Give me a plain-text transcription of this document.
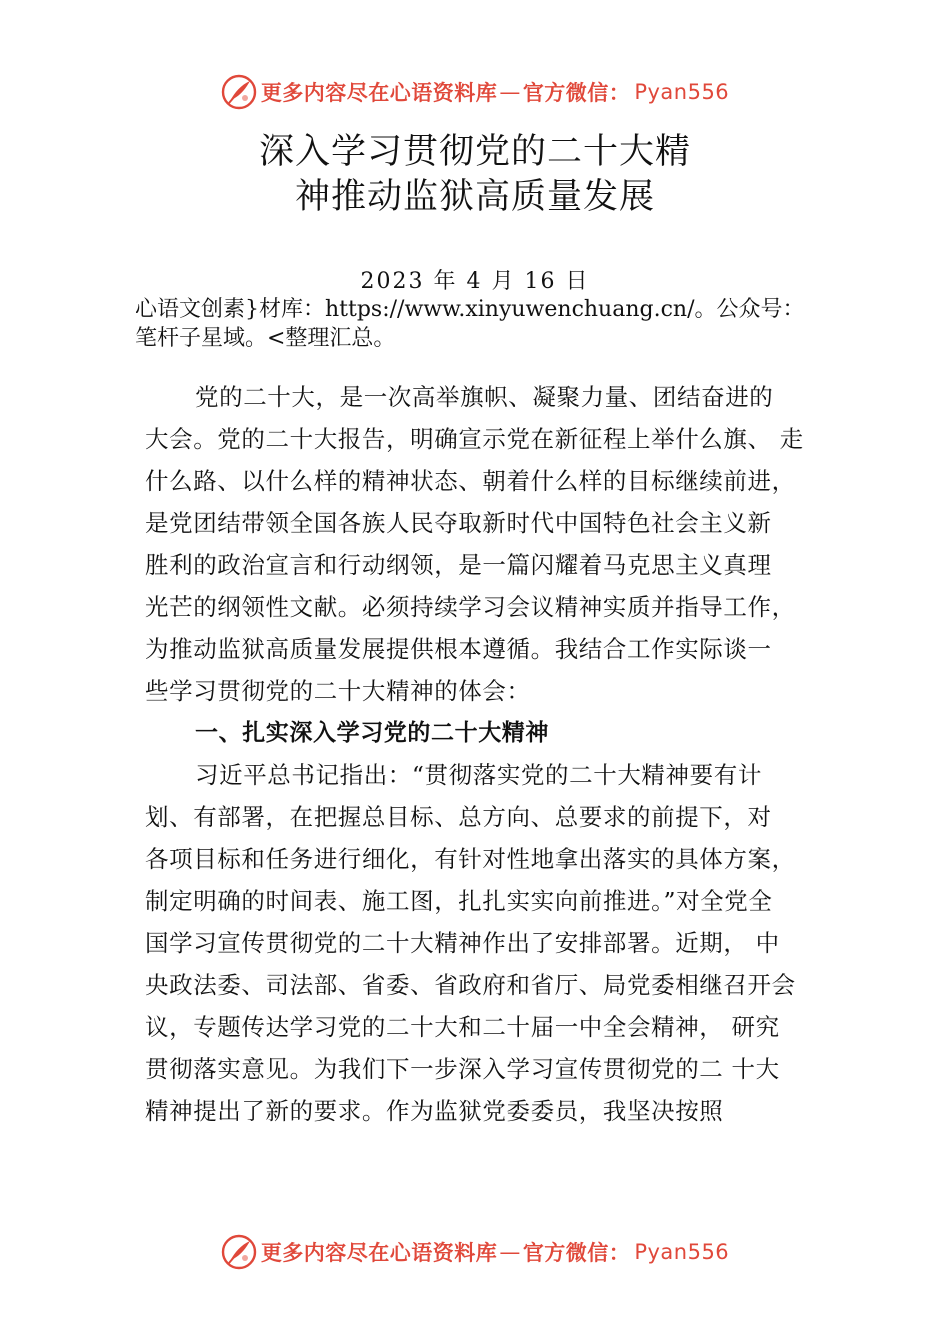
更多内容尽在心语资料库 — 官方微信： Pyan556
深入学习贯彻党的二十大精
神推动监狱高质量发展
2023 年 4 月 16 日
心语文创素}材库：https://www.xinyuwenchuang.cn/。公众号：
笔杆子星域。<整理汇总。
党的二十大，是一次高举旗帜、凝聚力量、团结奋进的
大会。党的二十大报告，明确宣示党在新征程上举什么旗、 走
什么路、以什么样的精神状态、朝着什么样的目标继续前进，
是党团结带领全国各族人民夺取新时代中国特色社会主义新
胜利的政治宣言和行动纲领，是一篇闪耀着马克思主义真理
光芒的纲领性文献。必须持续学习会议精神实质并指导工作，
为推动监狱高质量发展提供根本遵循。我结合工作实际谈一
些学习贯彻党的二十大精神的体会：
一、扎实深入学习党的二十大精神
习近平总书记指出：“贯彻落实党的二十大精神要有计
划、有部署，在把握总目标、总方向、总要求的前提下，对
各项目标和任务进行细化，有针对性地拿出落实的具体方案，
制定明确的时间表、施工图，扎扎实实向前推进。”对全党全
国学习宣传贯彻党的二十大精神作出了安排部署。近期， 中
央政法委、司法部、省委、省政府和省厅、局党委相继召开会
议，专题传达学习党的二十大和二十届一中全会精神， 研究
贯彻落实意见。为我们下一步深入学习宣传贯彻党的二 十大
精神提出了新的要求。作为监狱党委委员，我坚决按照
更多内容尽在心语资料库 — 官方微信： Pyan556
